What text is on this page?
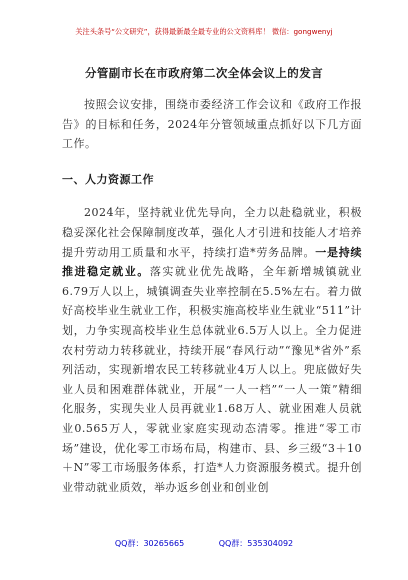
关注头条号“公文研究”，获得最新最全最专业的公文资料库！ 微信：gongwenyj
分管副市长在市政府第二次全体会议上的发言

按照会议安排，围绕市委经济工作会议和《政府工作报告》的目标和任务，2024年分管领域重点抓好以下几方面工作。

一、人力资源工作

2024年，坚持就业优先导向，全力以赴稳就业，积极稳妥深化社会保障制度改革，强化人才引进和技能人才培养提升劳动用工质量和水平，持续打造*劳务品牌。一是持续推进稳定就业。落实就业优先战略，全年新增城镇就业6.79万人以上，城镇调查失业率控制在5.5%左右。着力做好高校毕业生就业工作，积极实施高校毕业生就业“511”计划，力争实现高校毕业生总体就业6.5万人以上。全力促进农村劳动力转移就业，持续开展“春风行动”“豫见*省外”系列活动，实现新增农民工转移就业4万人以上。兜底做好失业人员和困难群体就业，开展“一人一档”“一人一策”精细化服务，实现失业人员再就业1.68万人、就业困难人员就业0.565万人，零就业家庭实现动态清零。推进“零工市场”建设，优化零工市场布局，构建市、县、乡三级“3＋10＋N”零工市场服务体系，打造*人力资源服务模式。提升创业带动就业质效，举办返乡创业和创业创

QQ群：30265665	QQ群：535304092
